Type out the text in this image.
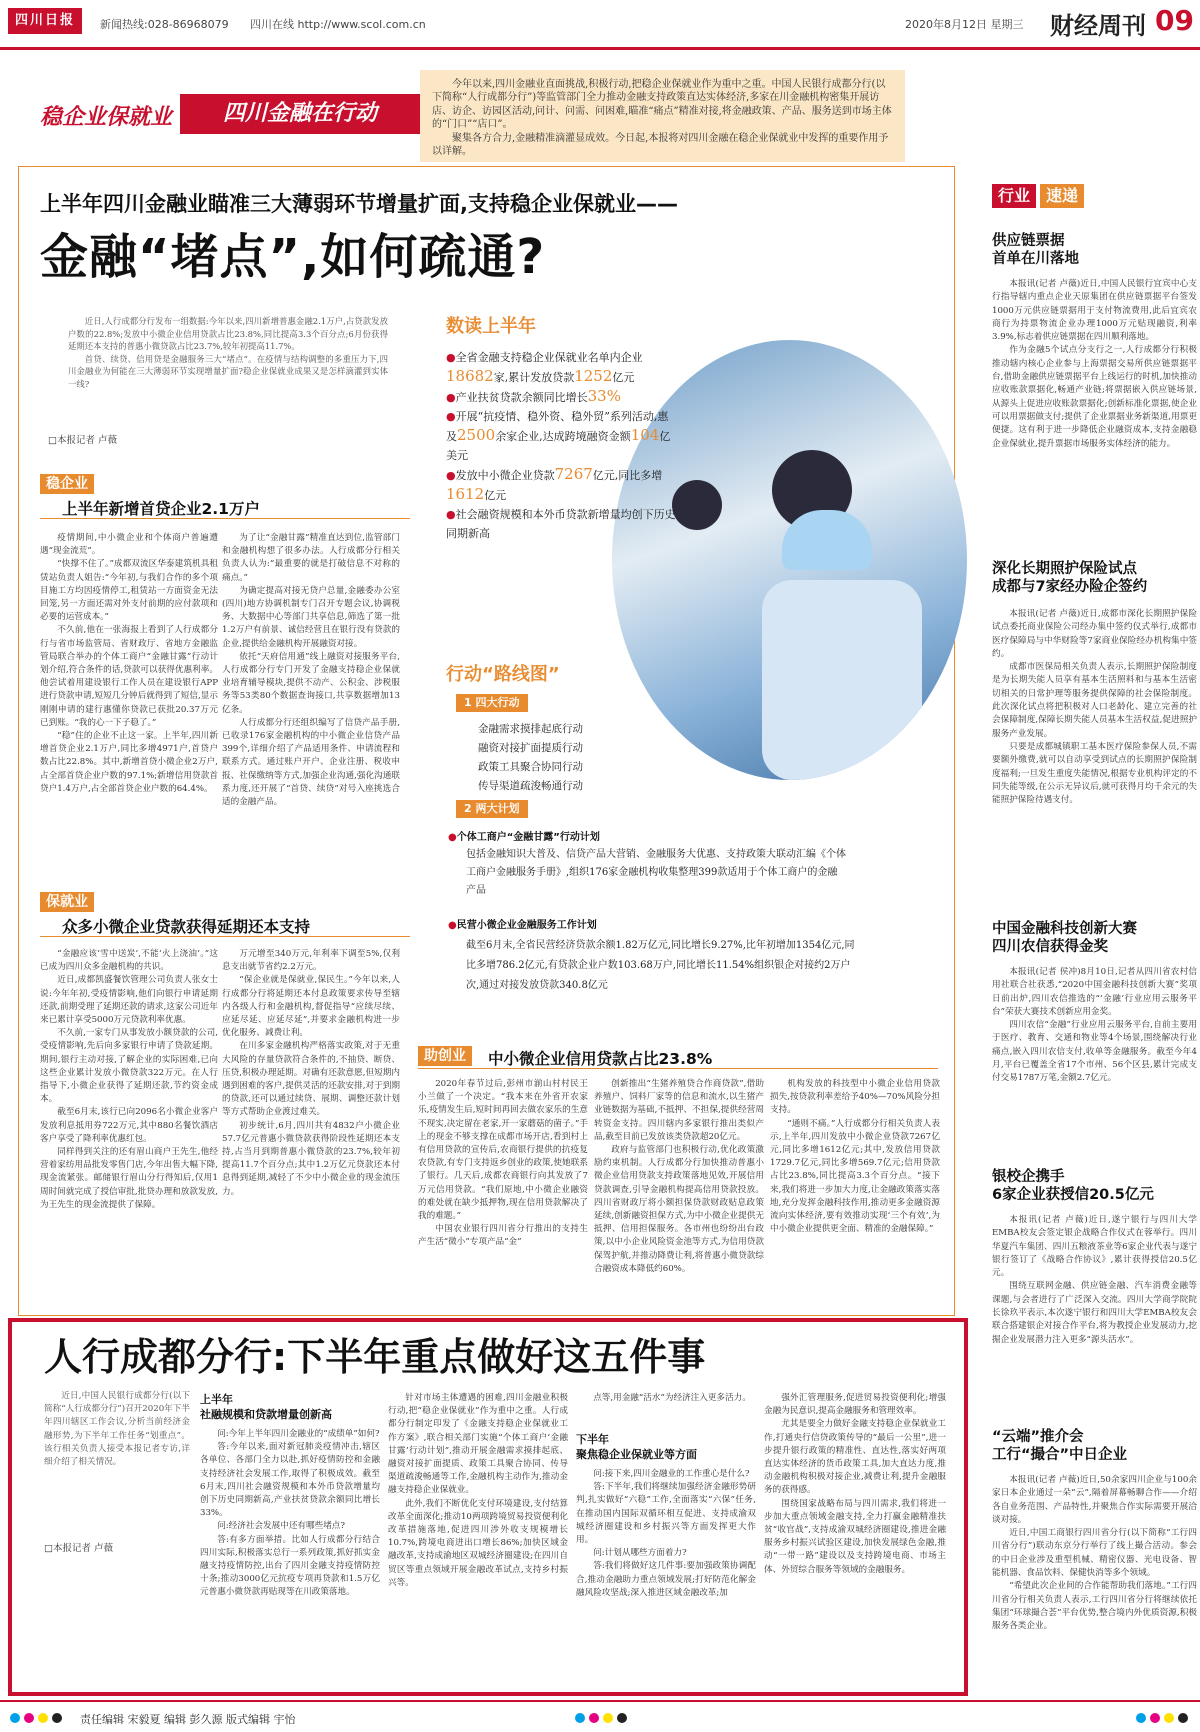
四川日报	新闻热线:028-86968079 四川在线 http://www.scol.com.cn	2020年8月12日 星期三 财经周刊 09
稳企业保就业	四川金融在行动

今年以来,四川金融业直面挑战,积极行动,把稳企业保就业作为重中之重。中国人民银行成都分行(以下简称“人行成都分行”)等监管部门全力推动金融支持政策直达实体经济,多家在川金融机构密集开展访店、访企、访园区活动,问计、问需、问困难,瞄准“痛点”精准对接,将金融政策、产品、服务送到市场主体的“门口”“店口”。

聚集各方合力,金融精准滴灌显成效。今日起,本报将对四川金融在稳企业保就业中发挥的重要作用予以详解。

上半年四川金融业瞄准三大薄弱环节增量扩面,支持稳企业保就业——
金融“堵点”,如何疏通?

近日,人行成都分行发布一组数据:今年以来,四川新增普惠金融2.1万户,占贷款发放户数的22.8%;发放中小微企业信用贷款占比23.8%,同比提高3.3个百分点;6月份获得延期还本支持的普惠小微贷款占比23.7%,较年初提高11.7%。

首贷、续贷、信用贷是金融服务三大“堵点”。在疫情与结构调整的多重压力下,四川金融业为何能在三大薄弱环节实现增量扩面?稳企业保就业成果又是怎样滴灌到实体一线?

□本报记者 卢薇
稳企业
上半年新增首贷企业2.1万户

疫情期间,中小微企业和个体商户普遍遭遇“现金流荒”。

“快撑不住了。”成都双流区华泰建筑机具租赁站负责人姐告:“今年初,与我们合作的多个项目施工方均因疫情停工,租赁站一方面资金无法回笼,另一方面还需对外支付前期的应付款项和必要的运营成本。”

不久前,他在一张海报上看到了人行成都分行与省市场监管局、省财政厅、省地方金融监管局联合举办的个体工商户“金融甘露”行动计划介绍,符合条件的话,贷款可以获得优惠利率。他尝试着用建设银行工作人员在建设银行APP进行贷款申请,短短几分钟后就得到了短信,显示刚刚申请的建行惠懂你贷款已获批20.37万元已到账。“我的心一下子稳了。”

“稳”住的企业不止这一家。上半年,四川新增首贷企业2.1万户,同比多增4971户,首贷户数占比22.8%。其中,新增首贷小微企业2万户,占全部首贷企业户数的97.1%;新增信用贷款首贷户1.4万户,占全部首贷企业户数的64.4%。

为了让“金融甘露”精准直达到位,监管部门和金融机构想了很多办法。人行成都分行相关负责人认为:“最重要的就是打破信息不对称的痛点。”

为确定提高对接无贷户总量,金融委办公室(四川)地方协调机制专门召开专题会议,协调税务、大数据中心等部门共享信息,筛选了第一批1.2万户有前景、诚信经营且在银行没有贷款的企业,提供给金融机构开展融资对接。

依托“天府信用通”线上融资对接服务平台,人行成都分行专门开发了金融支持稳企业保就业培育辅导模块,提供不动产、公积金、涉税服务等53类80个数据查询接口,共享数据增加13亿条。

人行成都分行还组织编写了信贷产品手册,已收录176家金融机构的中小微企业信贷产品399个,详细介绍了产品适用条件、申请流程和联系方式。通过账户开户、企业注册、税收申报、社保缴纳等方式,加强企业沟通,强化沟通联系力度,还开展了“首贷、续贷”对号入座挑选合适的金融产品。

保就业
众多小微企业贷款获得延期还本支持

“金融应该‘雪中送炭’,不能‘火上浇油’。”这已成为四川众多金融机构的共识。

近日,成都凯盛餐饮管理公司负责人张女士说:今年年初,受疫情影响,他们向银行申请延期还款,前期受理了延期还款的请求,这家公司近年来已累计享受5000万元贷款利率优惠。

不久前,一家专门从事发放小额贷款的公司,受疫情影响,先后向多家银行申请了贷款延期。期间,银行主动对接,了解企业的实际困难,已向这些企业累计发放小微贷款322万元。在人行指导下,小微企业获得了延期还款,节约资金成本。

截至6月末,该行已向2096名小微企业客户发放利息抵用券722万元,其中880名餐饮酒店客户享受了降利率优惠红包。

同样得到关注的还有眉山商户王先生,他经营着家纺用品批发零售门店,今年出售大幅下降,现金流紧张。邮储银行眉山分行得知后,仅用1周时间就完成了授信审批,批贷办理和放款发放,为王先生的现金流提供了保障。

万元增至340万元,年利率下调至5%,仅利息支出就节省约2.2万元。

“保企业就是保就业,保民生。”今年以来,人行成都分行将延期还本付息政策要求传导至辖内各级人行和金融机构,督促指导“应续尽续、应延尽延、应延尽延”,并要求金融机构进一步优化服务、减费让利。

在川多家金融机构严格落实政策,对于无重大风险的存量贷款符合条件的,不抽贷、断贷、压贷,积极办理延期。对确有还款意愿,但短期内遇到困难的客户,提供灵活的还款安排,对于到期的贷款,还可以通过续贷、展期、调整还款计划等方式帮助企业渡过难关。

初步统计,6月,四川共有4832户小微企业57.7亿元普惠小微贷款获得阶段性延期还本支持,占当月到期普惠小微贷款的23.7%,较年初提高11.7个百分点;其中1.2万亿元贷款还本付息得到延期,减轻了不少中小微企业的现金流压力。

数读上半年
●全省金融支持稳企业保就业名单内企业18682家,累计发放贷款1252亿元
●产业扶贫贷款余额同比增长33%
●开展“抗疫情、稳外资、稳外贸”系列活动,惠及2500余家企业,达成跨境融资金额104亿美元
●发放中小微企业贷款7267亿元,同比多增1612亿元
●社会融资规模和本外币贷款新增量均创下历史同期新高
行动“路线图”
1 四大行动
金融需求摸排起底行动
融资对接扩面提质行动
政策工具聚合协同行动
传导渠道疏浚畅通行动
2 两大计划
●个体工商户“金融甘露”行动计划
包括金融知识大普及、信贷产品大营销、金融服务大优惠、支持政策大联动汇编《个体工商户金融服务手册》,组织176家金融机构收集整理399款适用于个体工商户的金融产品
●民营小微企业金融服务工作计划
截至6月末,全省民营经济贷款余额1.82万亿元,同比增长9.27%,比年初增加1354亿元,同比多增786.2亿元,有贷款企业户数103.68万户,同比增长11.54%组织银企对接约2万户次,通过对接发放贷款340.8亿元
助创业	中小微企业信用贷款占比23.8%

2020年春节过后,彭州市湔山村村民王小兰做了一个决定。“我本来在外省开农家乐,疫情发生后,短时间再回去做农家乐的生意不现实,决定留在老家,开一家蘑菇的菌子。”手上的现金不够支撑在成都市场开店,看到村上有信用贷款的宣传后,农商银行提供的抗疫复农贷款,有专门支持返乡创业的政策,使她联系了银行。几天后,成都农商银行向其发放了7万元信用贷款。“我们原地,中小微企业融资的难处就在缺少抵押物,现在信用贷款解决了我的难题。”

中国农业银行四川省分行推出的支持生产生活“微小”专项产品“金”

创新推出“生猪养殖贷合作商贷款”,借助养殖户、饲料厂家等的信息和流水,以生猪产业链数据为基础,不抵押、不担保,提供经营周转资金支持。四川辖内多家银行推出类似产品,截至目前已发放该类贷款超20亿元。

政府与监管部门也积极行动,优化政策激励约束机制。人行成都分行加快推动普惠小微企业信用贷款支持政策落地见效,开展信用贷款调查,引导金融机构提高信用贷款投放。四川省财政厅将小额担保贷款财政贴息政策延续,创新融资担保方式,为中小微企业提供无抵押、信用担保服务。各市州也纷纷出台政策,以中小企业风险资金池等方式,为信用贷款保驾护航,并推动降费让利,将普惠小微贷款综合融资成本降低约60%。

机构发放的科技型中小微企业信用贷款损失,按贷款利率差给予40%—70%风险分担支持。

“通则不痛。”人行成都分行相关负责人表示,上半年,四川发放中小微企业贷款7267亿元,同比多增1612亿元;其中,发放信用贷款1729.7亿元,同比多增569.7亿元;信用贷款占比23.8%,同比提高3.3个百分点。“接下来,我们将进一步加大力度,让金融政策落实落地,充分发挥金融科技作用,推动更多金融资源流向实体经济,要有效推动实现‘三个有效’,为中小微企业提供更全面、精准的金融保障。”

人行成都分行:下半年重点做好这五件事

近日,中国人民银行成都分行(以下简称“人行成都分行”)召开2020年下半年四川辖区工作会议,分析当前经济金融形势,为下半年工作任务“划重点”。该行相关负责人接受本报记者专访,详细介绍了相关情况。

□本报记者 卢薇
上半年
社融规模和贷款增量创新高

问:今年上半年四川金融业的“成绩单”如何?

答:今年以来,面对新冠肺炎疫情冲击,辖区各单位、各部门全力以赴,抓好疫情防控和金融支持经济社会发展工作,取得了积极成效。截至6月末,四川社会融资规模和本外币贷款增量均创下历史同期新高,产业扶贫贷款余额同比增长33%。

问:经济社会发展中还有哪些堵点?

答:有多方面举措。比如人行成都分行结合四川实际,积极落实总行一系列政策,抓好抓实金融支持疫情防控,出台了四川金融支持疫情防控十条;推动3000亿元抗疫专项再贷款和1.5万亿元普惠小微贷款再贴现等在川政策落地。

针对市场主体遭遇的困难,四川金融业积极行动,把“稳企业保就业”作为重中之重。人行成都分行制定印发了《金融支持稳企业保就业工作方案》,联合相关部门实施“个体工商户‘金融甘露’行动计划”,推动开展金融需求摸排起底、融资对接扩面提质、政策工具聚合协同、传导渠道疏浚畅通等工作,金融机构主动作为,推动金融支持稳企业保就业。

此外,我们不断优化支付环境建设,支付结算改革全面深化;推动10两项跨境贸易投资便利化改革措施落地,促进四川涉外收支规模增长10.7%,跨境电商进出口增长86%;加快区域金融改革,支持成渝地区双城经济圈建设;在四川自贸区等重点领域开展金融改革试点,支持乡村振兴等。

点等,用金融“活水”为经济注入更多活力。

下半年
聚焦稳企业保就业等方面

问:接下来,四川金融业的工作重心是什么?

答:下半年,我们将继续加强经济金融形势研判,扎实做好“六稳”工作,全面落实“六保”任务,在推动国内国际双循环相互促进、支持成渝双城经济圈建设和乡村振兴等方面发挥更大作用。

问:计划从哪些方面着力?

答:我们将做好这几件事:要加强政策协调配合,推动金融助力重点领域发展;打好防范化解金融风险攻坚战;深入推进区域金融改革;加

强外汇管理服务,促进贸易投资便利化;增强金融为民意识,提高金融服务和管理效率。

尤其是要全力做好金融支持稳企业保就业工作,打通央行信贷政策传导的“最后一公里”,进一步提升银行政策的精准性、直达性,落实好两项直达实体经济的货币政策工具,加大直达力度,推动金融机构积极对接企业,减费让利,提升金融服务的获得感。

围绕国家战略布局与四川需求,我们将进一步加大重点领域金融支持,全力打赢金融精准扶贫“收官战”,支持成渝双城经济圈建设,推进金融服务乡村振兴试验区建设,加快发展绿色金融,推动“一带一路”建设以及支持跨境电商、市场主体、外贸综合服务等领域的金融服务。

行业 速递
供应链票据
首单在川落地

本报讯(记者 卢薇)近日,中国人民银行宜宾中心支行指导辖内重点企业天原集团在供应链票据平台签发1000万元供应链票据用于支付物流费用,此后宜宾农商行为持票物流企业办理1000万元贴现融资,利率3.9%,标志着供应链票据在四川顺利落地。

作为金融5个试点分支行之一,人行成都分行积极推动辖内核心企业参与上海票据交易所供应链票据平台,借助金融供应链票据平台上线运行的时机,加快推动应收账款票据化,畅通产业链;将票据嵌入供应链场景,从源头上促进应收账款票据化;创新标准化票据,使企业可以用票据做支付;提供了企业票据业务新渠道,用票更便捷。这有利于进一步降低企业融资成本,支持金融稳企业保就业,提升票据市场服务实体经济的能力。

深化长期照护保险试点
成都与7家经办险企签约

本报讯(记者 卢薇)近日,成都市深化长期照护保险试点委托商业保险公司经办集中签约仪式举行,成都市医疗保障局与中华财险等7家商业保险经办机构集中签约。

成都市医保局相关负责人表示,长期照护保险制度是为长期失能人员享有基本生活照料和与基本生活密切相关的日常护理等服务提供保障的社会保险制度。此次深化试点将把积极对人口老龄化、建立完善的社会保障制度,保障长期失能人员基本生活权益,促进照护服务产业发展。

只要是成都城镇职工基本医疗保险参保人员,不需要额外缴费,就可以自动享受到试点的长期照护保险制度福利;一旦发生重度失能情况,根据专业机构评定的不同失能等级,在公示无异议后,就可获得月均千余元的失能照护保险待遇支付。

中国金融科技创新大赛
四川农信获得金奖

本报讯(记者 侯冲)8月10日,记者从四川省农村信用社联合社获悉,“2020中国金融科技创新大赛”奖项日前出炉,四川农信推选的“‘金融’行业应用云服务平台”荣获大赛技术创新应用金奖。

四川农信“金融”行业应用云服务平台,自前主要用于医疗、教育、交通和物业等4个场景,围绕解决行业痛点,嵌入四川农信支付,收单等金融服务。截至今年4月,平台已覆盖全省17个市州、56个区县,累计完成支付交易1787万笔,金额2.7亿元。

银校企携手
6家企业获授信20.5亿元

本报讯(记者 卢薇)近日,遂宁银行与四川大学EMBA校友会签定银企战略合作仪式在蓉举行。四川华夏汽车集团、四川五粮液茶业等6家企业代表与遂宁银行签订了《战略合作协议》,累计获得授信20.5亿元。

围绕互联网金融、供应链金融、汽车消费金融等课题,与会者进行了广泛深入交流。四川大学商学院院长徐玖平表示,本次遂宁银行和四川大学EMBA校友会联合搭建银企对接合作平台,将为教授企业发展动力,挖掘企业发展潜力注入更多“源头活水”。

“云端”推介会
工行“撮合”中日企业

本报讯(记者 卢薇)近日,50余家四川企业与100余家日本企业通过一朵“云”,隔着屏幕畅聊合作——介绍各自业务范围、产品特性,并聚焦合作实际需要开展洽谈对接。

近日,中国工商银行四川省分行(以下简称“工行四川省分行”)联动东京分行举行了线上撮合活动。参会的中日企业涉及重型机械、精密仪器、光电设备、智能机器、食品饮料、保健快消等多个领域。

“希望此次企业间的合作能帮助我们落地。”工行四川省分行相关负责人表示,工行四川省分行将继续依托集团“环球撮合荟”平台优势,整合境内外优质资源,积极服务各类企业。

责任编辑 宋毅夏 编辑 彭久源 版式编辑 宇怡
